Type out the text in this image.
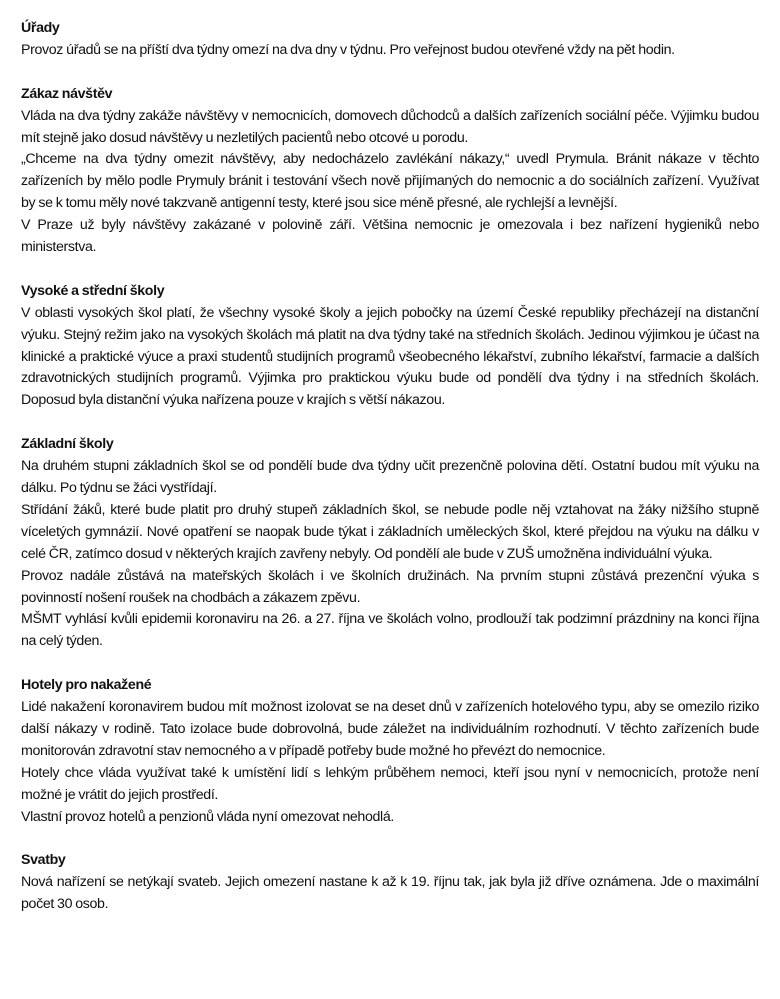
Úřady

Provoz úřadů se na příští dva týdny omezí na dva dny v týdnu. Pro veřejnost budou otevřené vždy na pět hodin.

Zákaz návštěv

Vláda na dva týdny zakáže návštěvy v nemocnicích, domovech důchodců a dalších zařízeních sociální péče. Výjimku budou mít stejně jako dosud návštěvy u nezletilých pacientů nebo otcové u porodu.

„Chceme na dva týdny omezit návštěvy, aby nedocházelo zavlékání nákazy,“ uvedl Prymula. Bránit nákaze v těchto zařízeních by mělo podle Prymuly bránit i testování všech nově přijímaných do nemocnic a do sociálních zařízení. Využívat by se k tomu měly nové takzvaně antigenní testy, které jsou sice méně přesné, ale rychlejší a levnější.

V Praze už byly návštěvy zakázané v polovině září. Většina nemocnic je omezovala i bez nařízení hygieniků nebo ministerstva.

Vysoké a střední školy

V oblasti vysokých škol platí, že všechny vysoké školy a jejich pobočky na území České republiky přecházejí na distanční výuku. Stejný režim jako na vysokých školách má platit na dva týdny také na středních školách. Jedinou výjimkou je účast na klinické a praktické výuce a praxi studentů studijních programů všeobecného lékařství, zubního lékařství, farmacie a dalších zdravotnických studijních programů. Výjimka pro praktickou výuku bude od pondělí dva týdny i na středních školách. Doposud byla distanční výuka nařízena pouze v krajích s větší nákazou.

Základní školy

Na druhém stupni základních škol se od pondělí bude dva týdny učit prezenčně polovina dětí. Ostatní budou mít výuku na dálku. Po týdnu se žáci vystřídají.

Střídání žáků, které bude platit pro druhý stupeň základních škol, se nebude podle něj vztahovat na žáky nižšího stupně víceletých gymnázií. Nové opatření se naopak bude týkat i základních uměleckých škol, které přejdou na výuku na dálku v celé ČR, zatímco dosud v některých krajích zavřeny nebyly. Od pondělí ale bude v ZUŠ umožněna individuální výuka.

Provoz nadále zůstává na mateřských školách i ve školních družinách. Na prvním stupni zůstává prezenční výuka s povinností nošení roušek na chodbách a zákazem zpěvu.

MŠMT vyhlásí kvůli epidemii koronaviru na 26. a 27. října ve školách volno, prodlouží tak podzimní prázdniny na konci října na celý týden.

Hotely pro nakažené

Lidé nakažení koronavirem budou mít možnost izolovat se na deset dnů v zařízeních hotelového typu, aby se omezilo riziko další nákazy v rodině. Tato izolace bude dobrovolná, bude záležet na individuálním rozhodnutí. V těchto zařízeních bude monitorován zdravotní stav nemocného a v případě potřeby bude možné ho převézt do nemocnice.

Hotely chce vláda využívat také k umístění lidí s lehkým průběhem nemoci, kteří jsou nyní v nemocnicích, protože není možné je vrátit do jejich prostředí.

Vlastní provoz hotelů a penzionů vláda nyní omezovat nehodlá.

Svatby

Nová nařízení se netýkají svateb. Jejich omezení nastane k až k 19. říjnu tak, jak byla již dříve oznámena. Jde o maximální počet 30 osob.
